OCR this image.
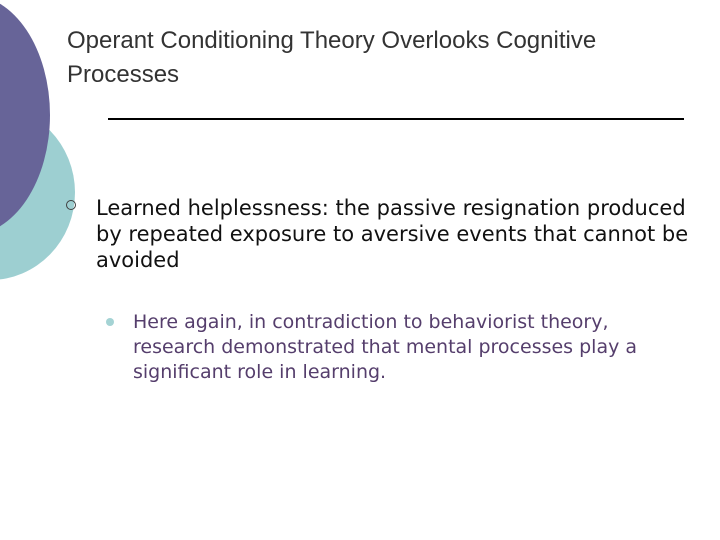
Operant Conditioning Theory Overlooks Cognitive Processes

Learned helplessness: the passive resignation produced by repeated exposure to aversive events that cannot be avoided

Here again, in contradiction to behaviorist theory, research demonstrated that mental processes play a significant role in learning.
